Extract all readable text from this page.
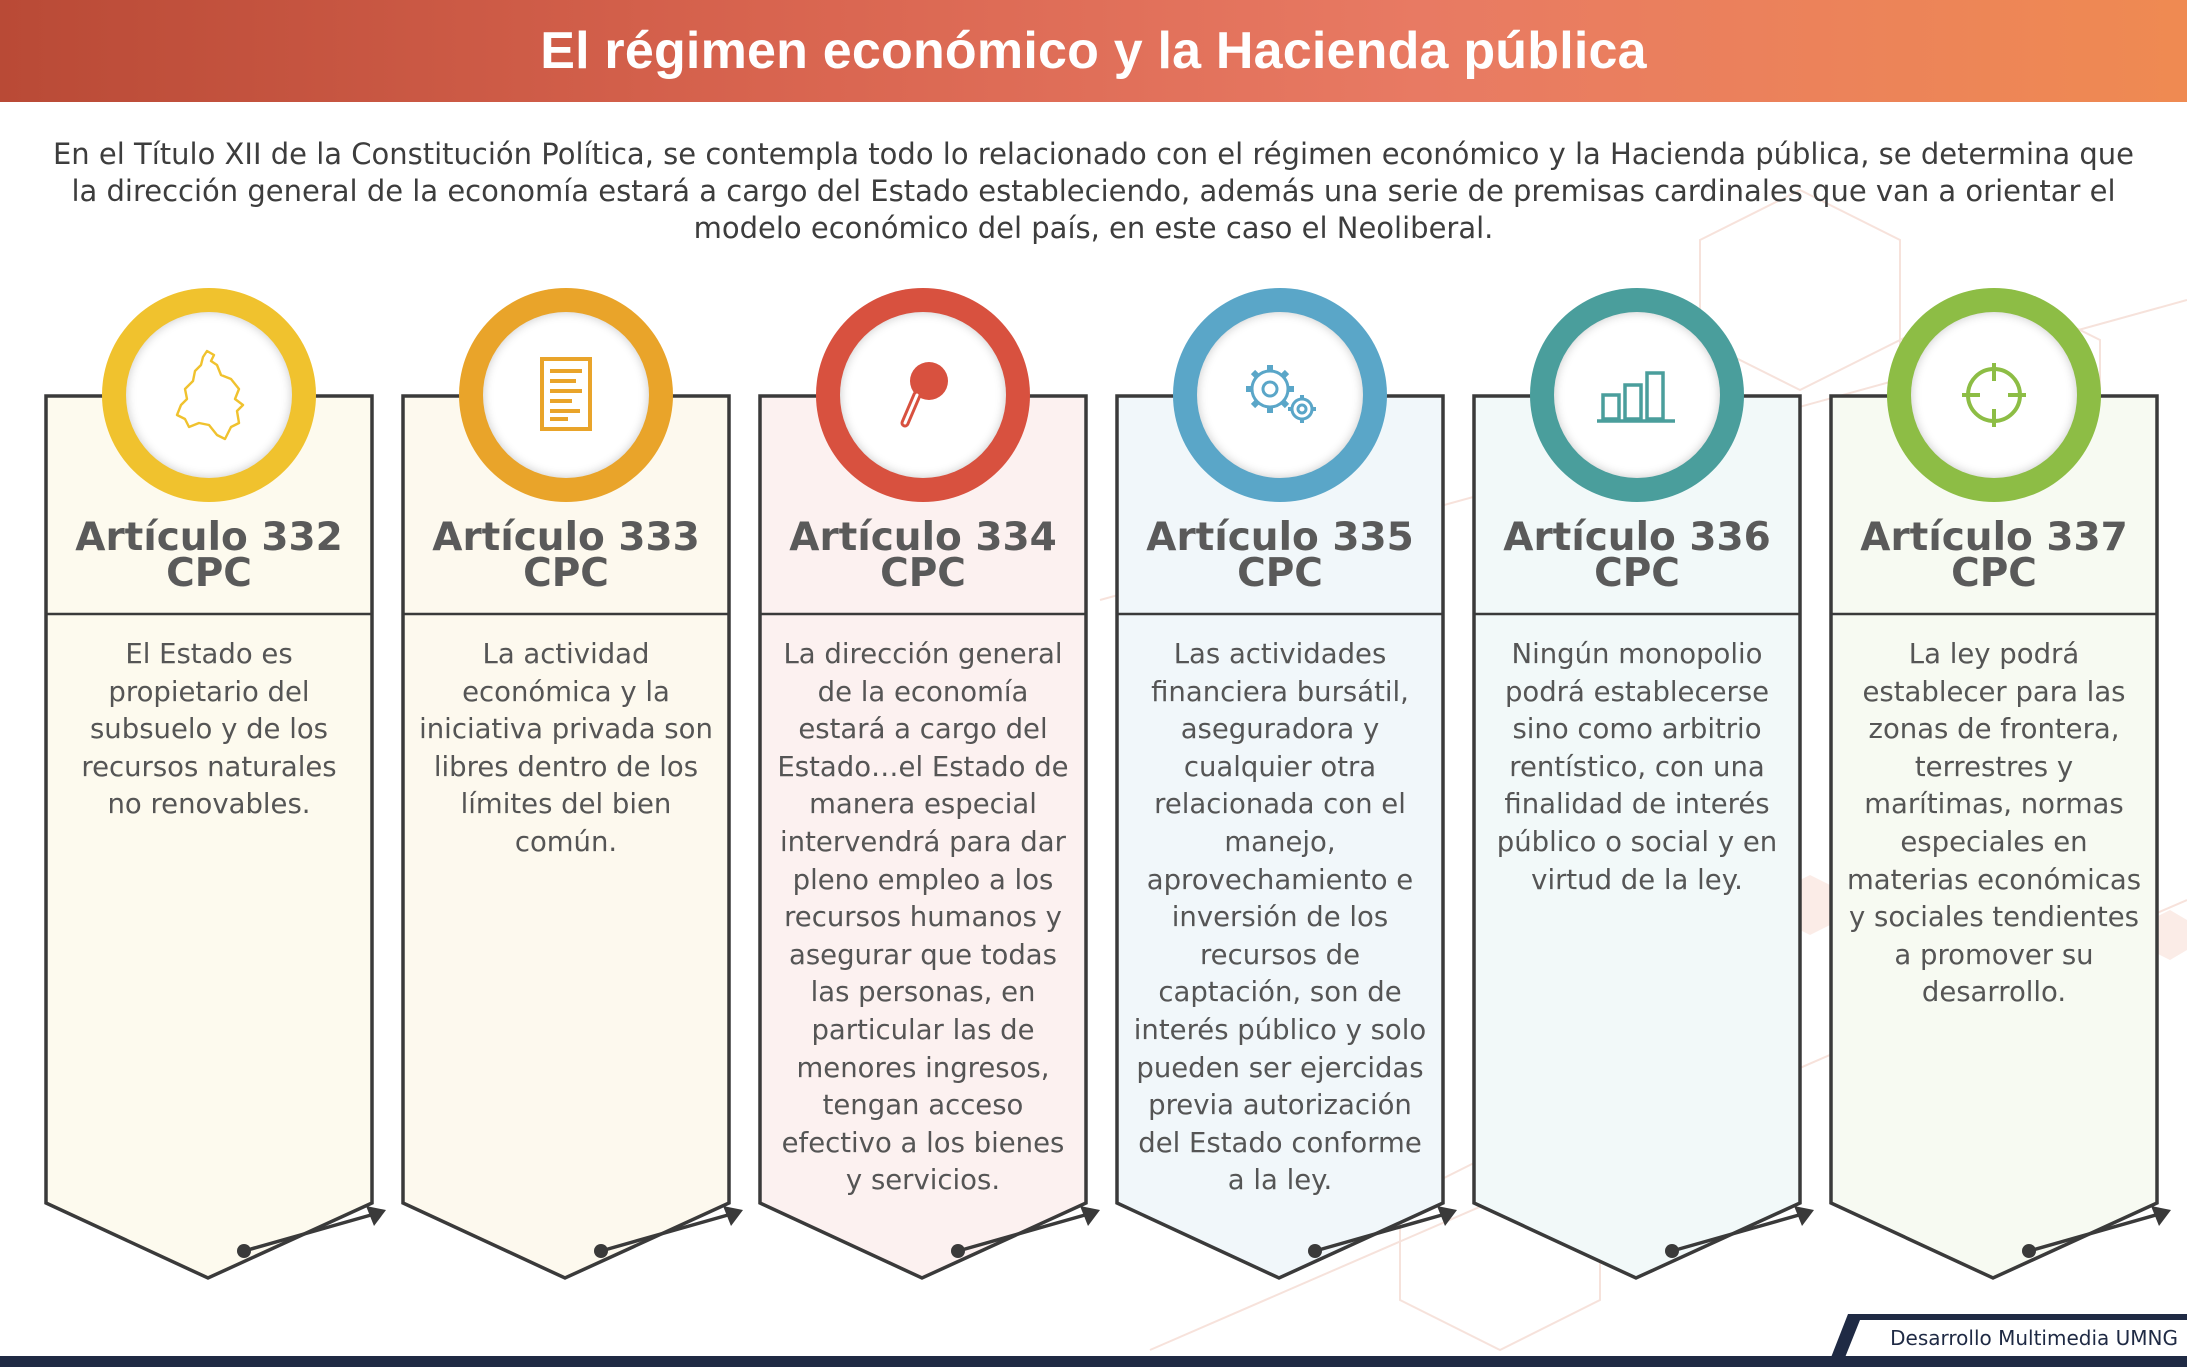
El régimen económico y la Hacienda pública

En el Título XII de la Constitución Política, se contempla todo lo relacionado con el régimen económico y la Hacienda pública, se determina que la dirección general de la economía estará a cargo del Estado estableciendo, además una serie de premisas cardinales que van a orientar el modelo económico del país, en este caso el Neoliberal.

Artículo 332
CPC

El Estado es propietario del subsuelo y de los recursos naturales no renovables.

Artículo 333
CPC

La actividad económica y la iniciativa privada son libres dentro de los límites del bien común.

Artículo 334
CPC

La dirección general de la economía estará a cargo del Estado…el Estado de manera especial intervendrá para dar pleno empleo a los recursos humanos y asegurar que todas las personas, en particular las de menores ingresos, tengan acceso efectivo a los bienes y servicios.

Artículo 335
CPC

Las actividades financiera bursátil, aseguradora y cualquier otra relacionada con el manejo, aprovechamiento e inversión de los recursos de captación, son de interés público y solo pueden ser ejercidas previa autorización del Estado conforme a la ley.

Artículo 336
CPC

Ningún monopolio podrá establecerse sino como arbitrio rentístico, con una finalidad de interés público o social y en virtud de la ley.

Artículo 337
CPC

La ley podrá establecer para las zonas de frontera, terrestres y marítimas, normas especiales en materias económicas y sociales tendientes a promover su desarrollo.

Desarrollo Multimedia UMNG
